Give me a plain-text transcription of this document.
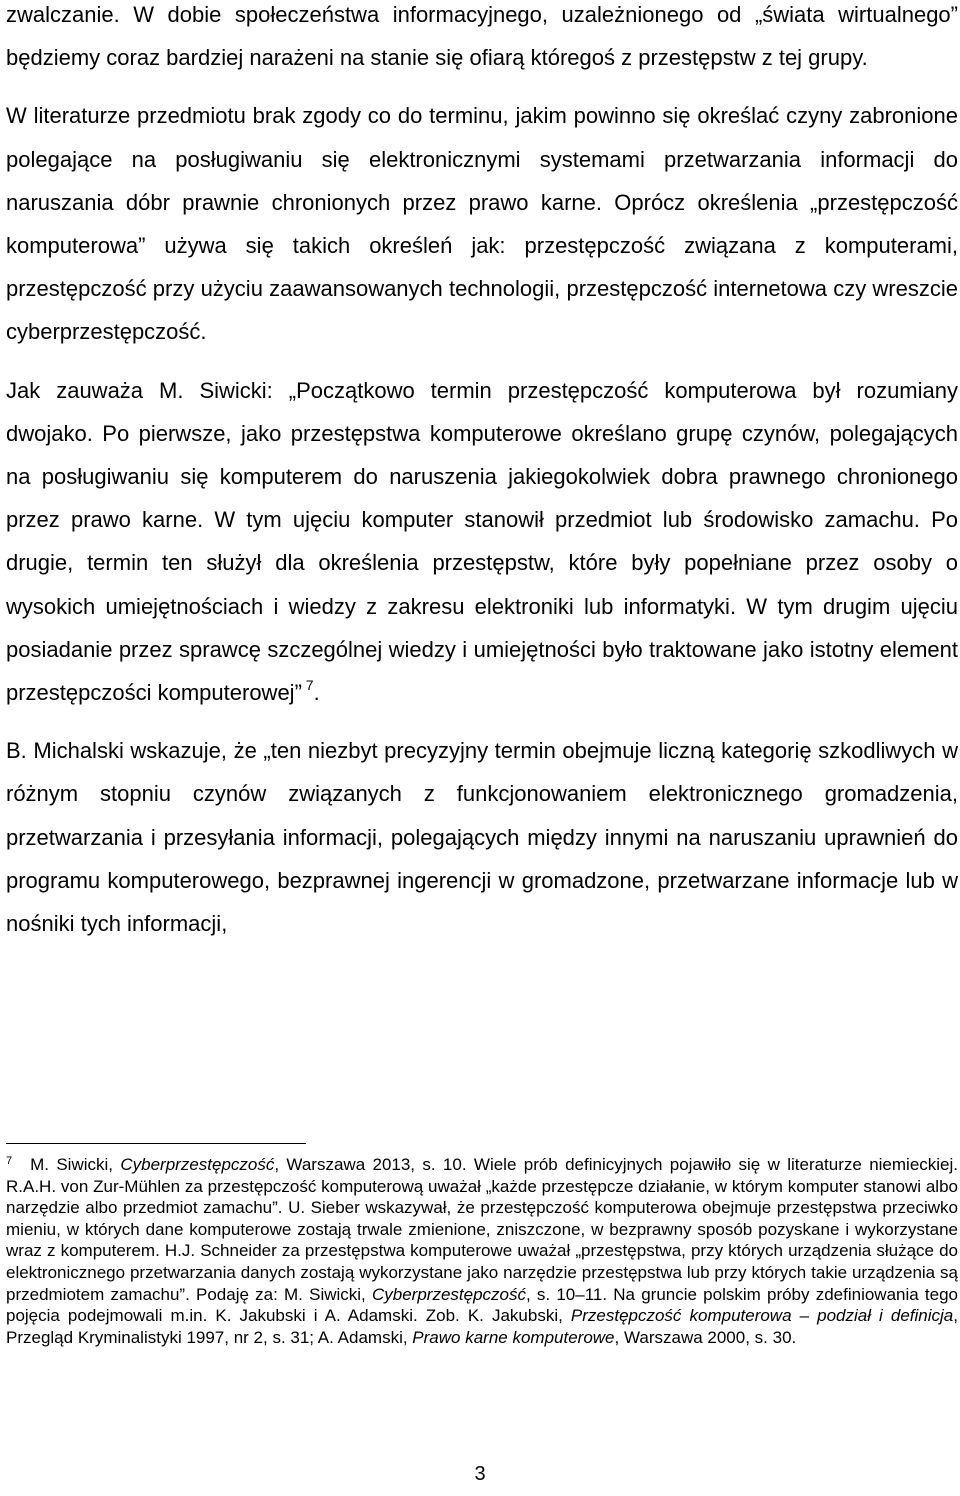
zwalczanie. W dobie społeczeństwa informacyjnego, uzależnionego od „świata wirtualnego” będziemy coraz bardziej narażeni na stanie się ofiarą któregoś z przestępstw z tej grupy.

W literaturze przedmiotu brak zgody co do terminu, jakim powinno się określać czyny zabronione polegające na posługiwaniu się elektronicznymi systemami przetwarzania informacji do naruszania dóbr prawnie chronionych przez prawo karne. Oprócz określenia „przestępczość komputerowa” używa się takich określeń jak: przestępczość związana z komputerami, przestępczość przy użyciu zaawansowanych technologii, przestępczość internetowa czy wreszcie cyberprzestępczość.

Jak zauważa M. Siwicki: „Początkowo termin przestępczość komputerowa był rozumiany dwojako. Po pierwsze, jako przestępstwa komputerowe określano grupę czynów, polegających na posługiwaniu się komputerem do naruszenia jakiegokolwiek dobra prawnego chronionego przez prawo karne. W tym ujęciu komputer stanowił przedmiot lub środowisko zamachu. Po drugie, termin ten służył dla określenia przestępstw, które były popełniane przez osoby o wysokich umiejętnościach i wiedzy z zakresu elektroniki lub informatyki. W tym drugim ujęciu posiadanie przez sprawcę szczególnej wiedzy i umiejętności było traktowane jako istotny element przestępczości komputerowej” $^7$.

B. Michalski wskazuje, że „ten niezbyt precyzyjny termin obejmuje liczną kategorię szkodliwych w różnym stopniu czynów związanych z funkcjonowaniem elektronicznego gromadzenia, przetwarzania i przesyłania informacji, polegających między innymi na naruszaniu uprawnień do programu komputerowego, bezprawnej ingerencji w gromadzone, przetwarzane informacje lub w nośniki tych informacji,

$^7$ M. Siwicki, Cyberprzestępczość, Warszawa 2013, s. 10. Wiele prób definicyjnych pojawiło się w literaturze niemieckiej. R.A.H. von Zur-Mühlen za przestępczość komputerową uważał „każde przestępcze działanie, w którym komputer stanowi albo narzędzie albo przedmiot zamachu”. U. Sieber wskazywał, że przestępczość komputerowa obejmuje przestępstwa przeciwko mieniu, w których dane komputerowe zostają trwale zmienione, zniszczone, w bezprawny sposób pozyskane i wykorzystane wraz z komputerem. H.J. Schneider za przestępstwa komputerowe uważał „przestępstwa, przy których urządzenia służące do elektronicznego przetwarzania danych zostają wykorzystane jako narzędzie przestępstwa lub przy których takie urządzenia są przedmiotem zamachu”. Podaję za: M. Siwicki, Cyberprzestępczość, s. 10–11. Na gruncie polskim próby zdefiniowania tego pojęcia podejmowali m.in. K. Jakubski i A. Adamski. Zob. K. Jakubski, Przestępczość komputerowa – podział i definicja, Przegląd Kryminalistyki 1997, nr 2, s. 31; A. Adamski, Prawo karne komputerowe, Warszawa 2000, s. 30.
3
